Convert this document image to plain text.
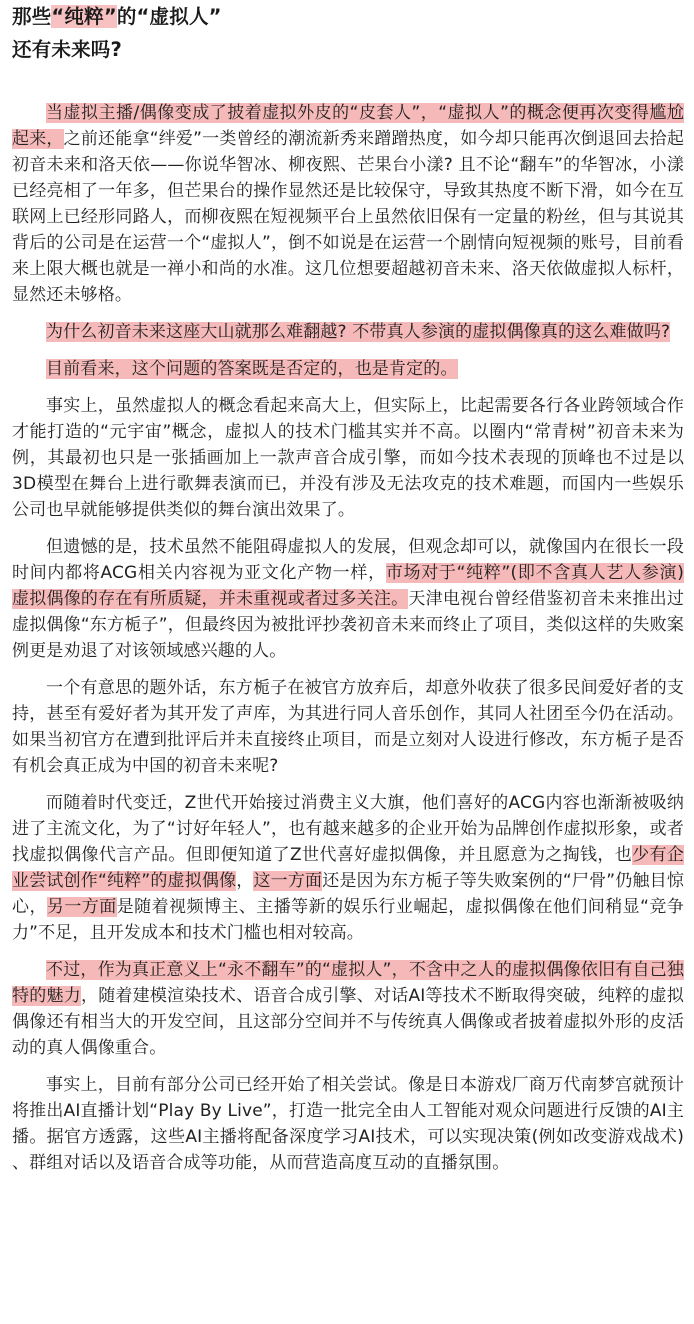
那些“纯粹”的“虚拟人”
还有未来吗?

当虚拟主播/偶像变成了披着虚拟外皮的“皮套人”，“虚拟人”的概念便再次变得尴尬起来，之前还能拿“绊爱”一类曾经的潮流新秀来蹭蹭热度，如今却只能再次倒退回去拾起初音未来和洛天依——你说华智冰、柳夜熙、芒果台小漾? 且不论“翻车”的华智冰，小漾已经亮相了一年多，但芒果台的操作显然还是比较保守，导致其热度不断下滑，如今在互联网上已经形同路人，而柳夜熙在短视频平台上虽然依旧保有一定量的粉丝，但与其说其背后的公司是在运营一个“虚拟人”，倒不如说是在运营一个剧情向短视频的账号，目前看来上限大概也就是一禅小和尚的水准。这几位想要超越初音未来、洛天依做虚拟人标杆，显然还未够格。

为什么初音未来这座大山就那么难翻越? 不带真人参演的虚拟偶像真的这么难做吗?

目前看来，这个问题的答案既是否定的，也是肯定的。

事实上，虽然虚拟人的概念看起来高大上，但实际上，比起需要各行各业跨领域合作才能打造的“元宇宙”概念，虚拟人的技术门槛其实并不高。以圈内“常青树”初音未来为例，其最初也只是一张插画加上一款声音合成引擎，而如今技术表现的顶峰也不过是以3D模型在舞台上进行歌舞表演而已，并没有涉及无法攻克的技术难题，而国内一些娱乐公司也早就能够提供类似的舞台演出效果了。

但遗憾的是，技术虽然不能阻碍虚拟人的发展，但观念却可以，就像国内在很长一段时间内都将ACG相关内容视为亚文化产物一样，市场对于“纯粹”(即不含真人艺人参演) 虚拟偶像的存在有所质疑，并未重视或者过多关注。天津电视台曾经借鉴初音未来推出过虚拟偶像“东方栀子”，但最终因为被批评抄袭初音未来而终止了项目，类似这样的失败案例更是劝退了对该领域感兴趣的人。

一个有意思的题外话，东方栀子在被官方放弃后，却意外收获了很多民间爱好者的支持，甚至有爱好者为其开发了声库，为其进行同人音乐创作，其同人社团至今仍在活动。如果当初官方在遭到批评后并未直接终止项目，而是立刻对人设进行修改，东方栀子是否有机会真正成为中国的初音未来呢?

而随着时代变迁，Z世代开始接过消费主义大旗，他们喜好的ACG内容也渐渐被吸纳进了主流文化，为了“讨好年轻人”，也有越来越多的企业开始为品牌创作虚拟形象，或者找虚拟偶像代言产品。但即便知道了Z世代喜好虚拟偶像，并且愿意为之掏钱，也少有企业尝试创作“纯粹”的虚拟偶像，这一方面还是因为东方栀子等失败案例的“尸骨”仍触目惊心，另一方面是随着视频博主、主播等新的娱乐行业崛起，虚拟偶像在他们间稍显“竞争力”不足，且开发成本和技术门槛也相对较高。

不过，作为真正意义上“永不翻车”的“虚拟人”，不含中之人的虚拟偶像依旧有自己独特的魅力，随着建模渲染技术、语音合成引擎、对话AI等技术不断取得突破，纯粹的虚拟偶像还有相当大的开发空间，且这部分空间并不与传统真人偶像或者披着虚拟外形的皮活动的真人偶像重合。

事实上，目前有部分公司已经开始了相关尝试。像是日本游戏厂商万代南梦宫就预计将推出AI直播计划“Play By Live”，打造一批完全由人工智能对观众问题进行反馈的AI主播。据官方透露，这些AI主播将配备深度学习AI技术，可以实现决策(例如改变游戏战术) 、群组对话以及语音合成等功能，从而营造高度互动的直播氛围。
